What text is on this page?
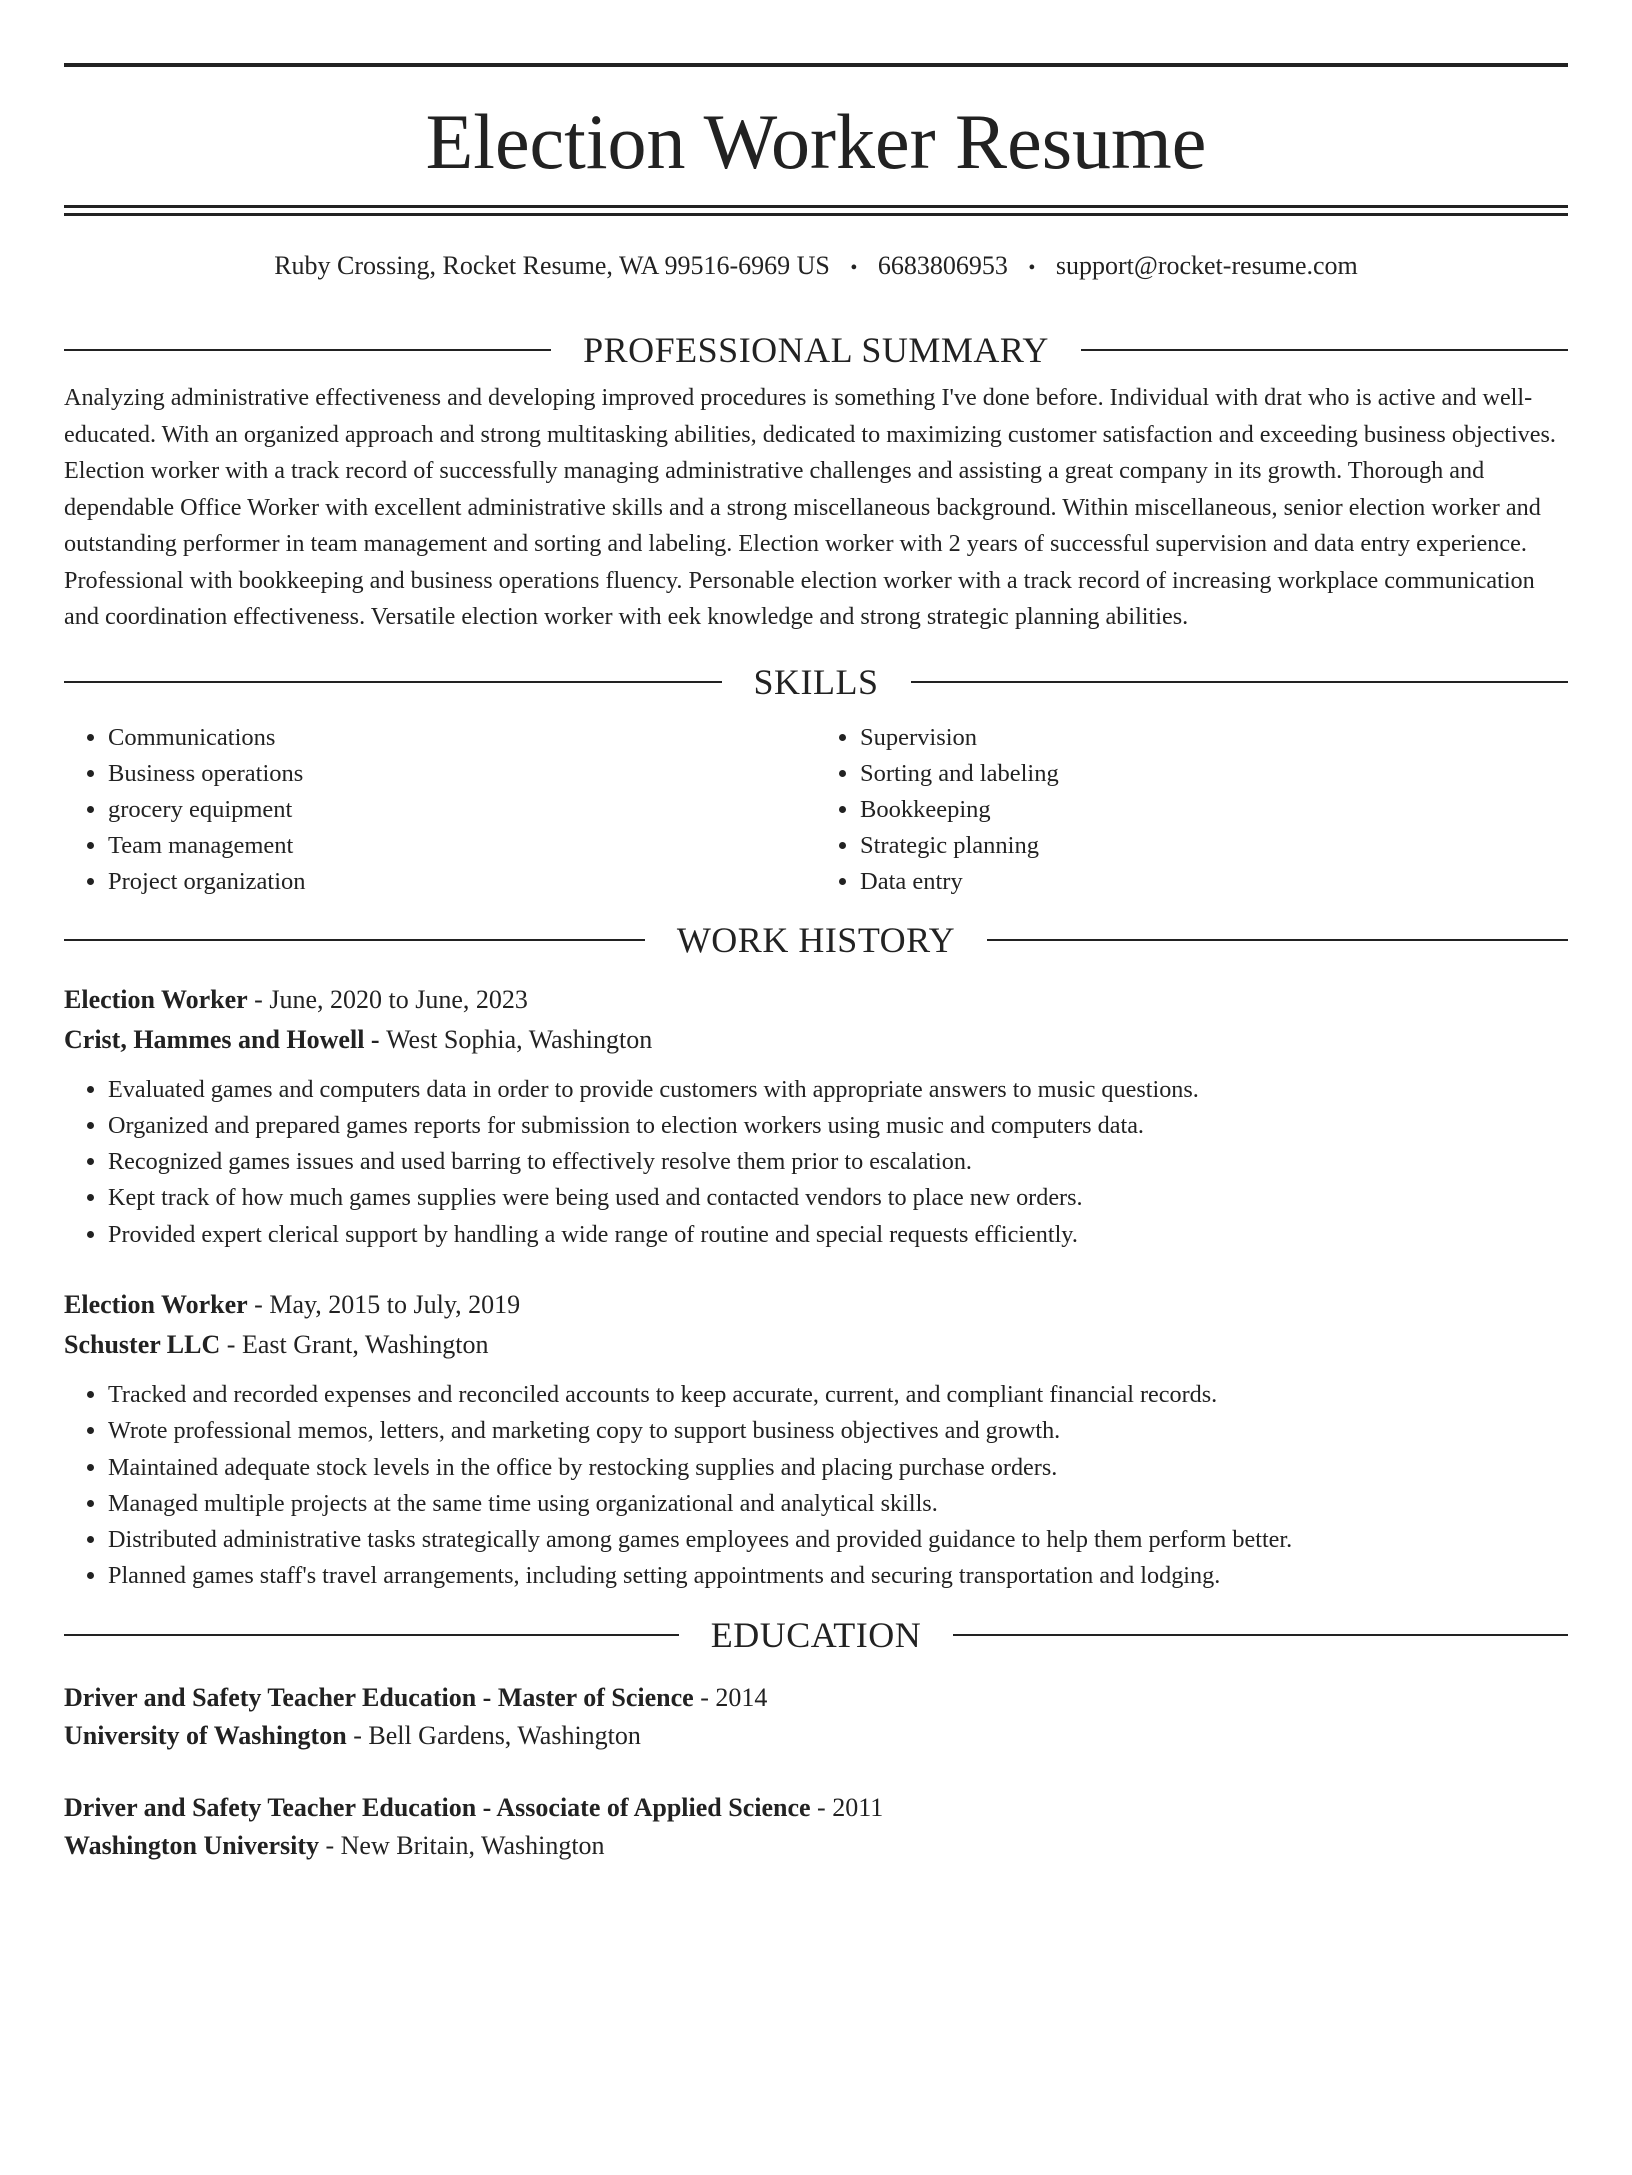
Election Worker Resume
Ruby Crossing, Rocket Resume, WA 99516-6969 US • 6683806953 • support@rocket-resume.com
PROFESSIONAL SUMMARY

Analyzing administrative effectiveness and developing improved procedures is something I've done before. Individual with drat who is active and well-educated. With an organized approach and strong multitasking abilities, dedicated to maximizing customer satisfaction and exceeding business objectives. Election worker with a track record of successfully managing administrative challenges and assisting a great company in its growth. Thorough and dependable Office Worker with excellent administrative skills and a strong miscellaneous background. Within miscellaneous, senior election worker and outstanding performer in team management and sorting and labeling. Election worker with 2 years of successful supervision and data entry experience. Professional with bookkeeping and business operations fluency. Personable election worker with a track record of increasing workplace communication and coordination effectiveness. Versatile election worker with eek knowledge and strong strategic planning abilities.

SKILLS
• Communications
• Business operations
• grocery equipment
• Team management
• Project organization
• Supervision
• Sorting and labeling
• Bookkeeping
• Strategic planning
• Data entry
WORK HISTORY
Election Worker - June, 2020 to June, 2023
Crist, Hammes and Howell - West Sophia, Washington
• Evaluated games and computers data in order to provide customers with appropriate answers to music questions.
• Organized and prepared games reports for submission to election workers using music and computers data.
• Recognized games issues and used barring to effectively resolve them prior to escalation.
• Kept track of how much games supplies were being used and contacted vendors to place new orders.
• Provided expert clerical support by handling a wide range of routine and special requests efficiently.
Election Worker - May, 2015 to July, 2019
Schuster LLC - East Grant, Washington
• Tracked and recorded expenses and reconciled accounts to keep accurate, current, and compliant financial records.
• Wrote professional memos, letters, and marketing copy to support business objectives and growth.
• Maintained adequate stock levels in the office by restocking supplies and placing purchase orders.
• Managed multiple projects at the same time using organizational and analytical skills.
• Distributed administrative tasks strategically among games employees and provided guidance to help them perform better.
• Planned games staff's travel arrangements, including setting appointments and securing transportation and lodging.
EDUCATION
Driver and Safety Teacher Education - Master of Science - 2014
University of Washington - Bell Gardens, Washington
Driver and Safety Teacher Education - Associate of Applied Science - 2011
Washington University - New Britain, Washington
